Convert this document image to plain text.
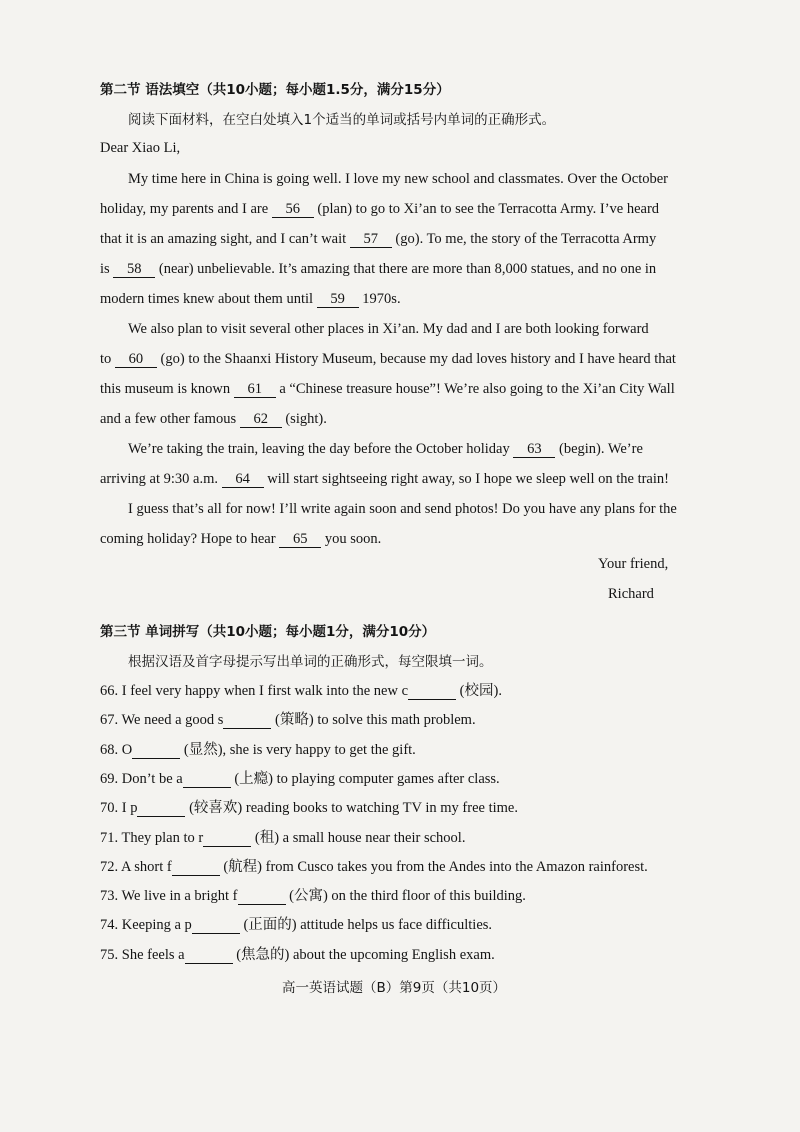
第二节 语法填空（共10小题；每小题1.5分，满分15分）
阅读下面材料，在空白处填入1个适当的单词或括号内单词的正确形式。
Dear Xiao Li,
My time here in China is going well. I love my new school and classmates. Over the October
holiday, my parents and I are 56 (plan) to go to Xi’an to see the Terracotta Army. I’ve heard
that it is an amazing sight, and I can’t wait 57 (go). To me, the story of the Terracotta Army
is 58 (near) unbelievable. It’s amazing that there are more than 8,000 statues, and no one in
modern times knew about them until 59 1970s.
We also plan to visit several other places in Xi’an. My dad and I are both looking forward
to 60 (go) to the Shaanxi History Museum, because my dad loves history and I have heard that
this museum is known 61 a “Chinese treasure house”! We’re also going to the Xi’an City Wall
and a few other famous 62 (sight).
We’re taking the train, leaving the day before the October holiday 63 (begin). We’re
arriving at 9:30 a.m. 64 will start sightseeing right away, so I hope we sleep well on the train!
I guess that’s all for now! I’ll write again soon and send photos! Do you have any plans for the
coming holiday? Hope to hear 65 you soon.
Your friend,
Richard
第三节 单词拼写（共10小题；每小题1分，满分10分）
根据汉语及首字母提示写出单词的正确形式，每空限填一词。
66. I feel very happy when I first walk into the new c	(校园).
67. We need a good s	(策略) to solve this math problem.
68. O	(显然), she is very happy to get the gift.
69. Don’t be a	(上瘾) to playing computer games after class.
70. I p	(较喜欢) reading books to watching TV in my free time.
71. They plan to r	(租) a small house near their school.
72. A short f	(航程) from Cusco takes you from the Andes into the Amazon rainforest.
73. We live in a bright f	(公寓) on the third floor of this building.
74. Keeping a p	(正面的) attitude helps us face difficulties.
75. She feels a	(焦急的) about the upcoming English exam.
高一英语试题（B）第9页（共10页）
